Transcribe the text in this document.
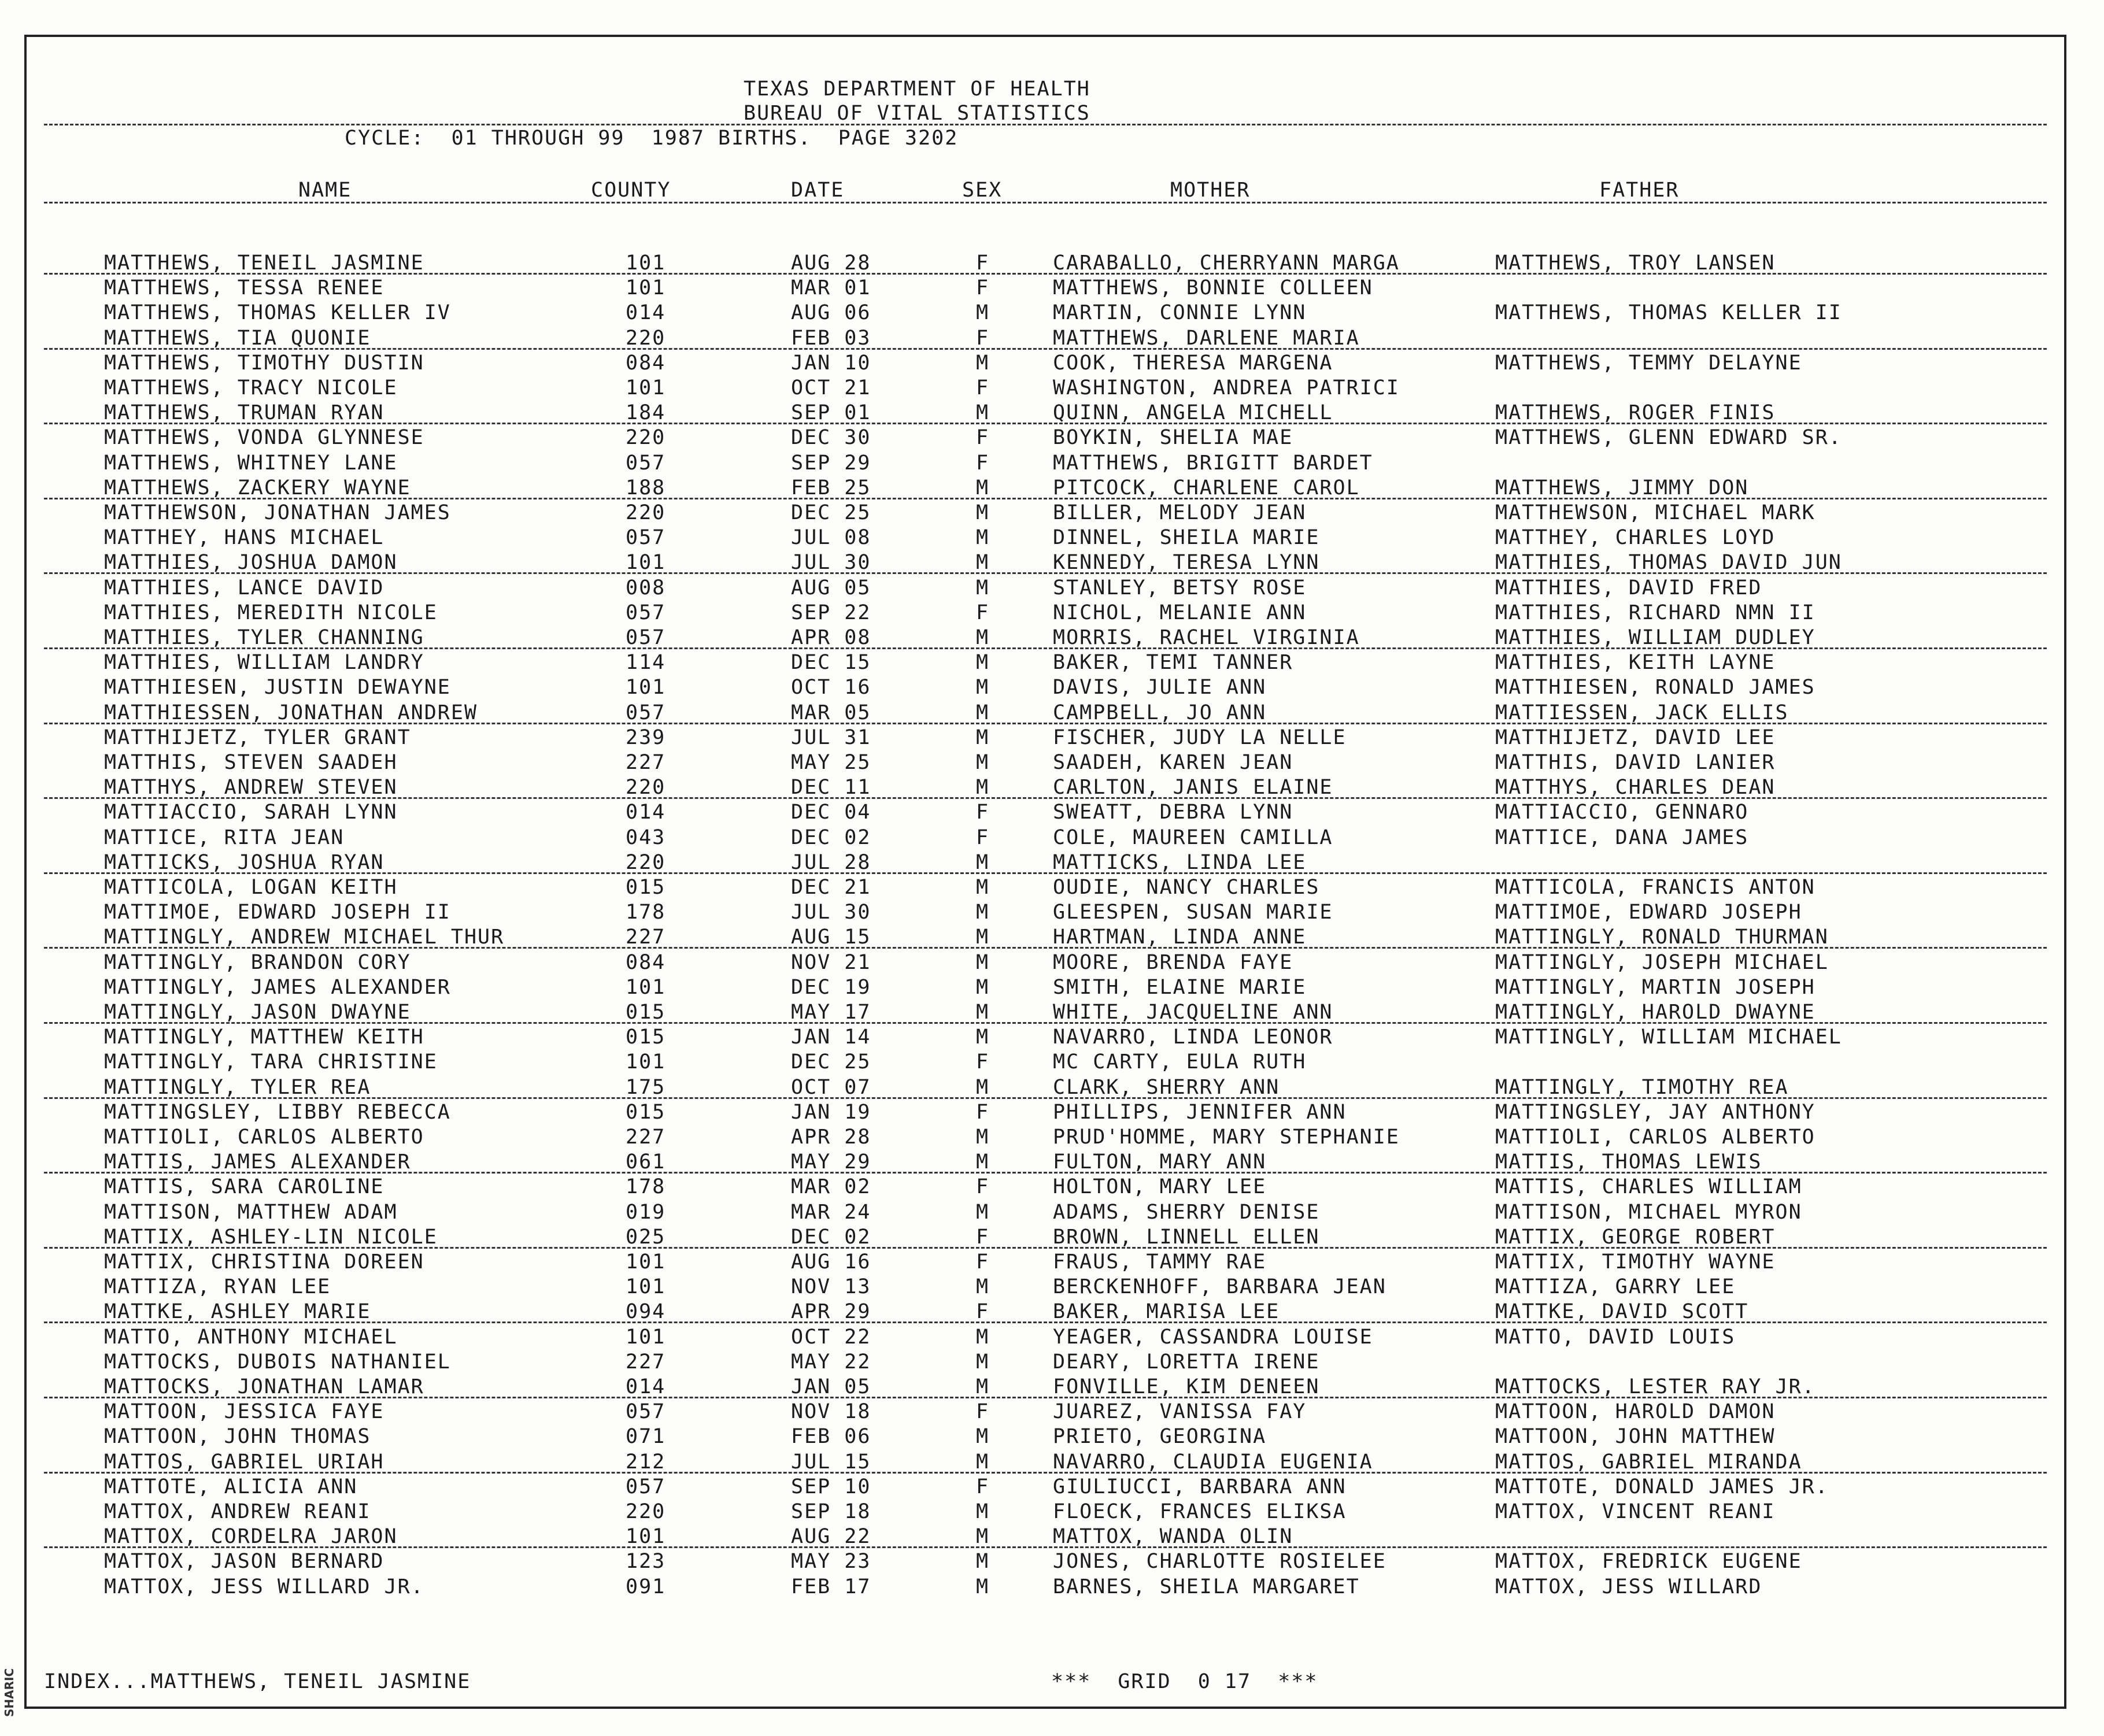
SHARIC
TEXAS DEPARTMENT OF HEALTH
BUREAU OF VITAL STATISTICS
CYCLE:  01 THROUGH 99  1987 BIRTHS.  PAGE 3202
NAME	COUNTY	DATE	SEX	MOTHER	FATHER
MATTHEWS, TENEIL JASMINE	101	AUG 28	F	CARABALLO, CHERRYANN MARGA	MATTHEWS, TROY LANSEN
MATTHEWS, TESSA RENEE	101	MAR 01	F	MATTHEWS, BONNIE COLLEEN
MATTHEWS, THOMAS KELLER IV	014	AUG 06	M	MARTIN, CONNIE LYNN	MATTHEWS, THOMAS KELLER II
MATTHEWS, TIA QUONIE	220	FEB 03	F	MATTHEWS, DARLENE MARIA
MATTHEWS, TIMOTHY DUSTIN	084	JAN 10	M	COOK, THERESA MARGENA	MATTHEWS, TEMMY DELAYNE
MATTHEWS, TRACY NICOLE	101	OCT 21	F	WASHINGTON, ANDREA PATRICI
MATTHEWS, TRUMAN RYAN	184	SEP 01	M	QUINN, ANGELA MICHELL	MATTHEWS, ROGER FINIS
MATTHEWS, VONDA GLYNNESE	220	DEC 30	F	BOYKIN, SHELIA MAE	MATTHEWS, GLENN EDWARD SR.
MATTHEWS, WHITNEY LANE	057	SEP 29	F	MATTHEWS, BRIGITT BARDET
MATTHEWS, ZACKERY WAYNE	188	FEB 25	M	PITCOCK, CHARLENE CAROL	MATTHEWS, JIMMY DON
MATTHEWSON, JONATHAN JAMES	220	DEC 25	M	BILLER, MELODY JEAN	MATTHEWSON, MICHAEL MARK
MATTHEY, HANS MICHAEL	057	JUL 08	M	DINNEL, SHEILA MARIE	MATTHEY, CHARLES LOYD
MATTHIES, JOSHUA DAMON	101	JUL 30	M	KENNEDY, TERESA LYNN	MATTHIES, THOMAS DAVID JUN
MATTHIES, LANCE DAVID	008	AUG 05	M	STANLEY, BETSY ROSE	MATTHIES, DAVID FRED
MATTHIES, MEREDITH NICOLE	057	SEP 22	F	NICHOL, MELANIE ANN	MATTHIES, RICHARD NMN II
MATTHIES, TYLER CHANNING	057	APR 08	M	MORRIS, RACHEL VIRGINIA	MATTHIES, WILLIAM DUDLEY
MATTHIES, WILLIAM LANDRY	114	DEC 15	M	BAKER, TEMI TANNER	MATTHIES, KEITH LAYNE
MATTHIESEN, JUSTIN DEWAYNE	101	OCT 16	M	DAVIS, JULIE ANN	MATTHIESEN, RONALD JAMES
MATTHIESSEN, JONATHAN ANDREW	057	MAR 05	M	CAMPBELL, JO ANN	MATTIESSEN, JACK ELLIS
MATTHIJETZ, TYLER GRANT	239	JUL 31	M	FISCHER, JUDY LA NELLE	MATTHIJETZ, DAVID LEE
MATTHIS, STEVEN SAADEH	227	MAY 25	M	SAADEH, KAREN JEAN	MATTHIS, DAVID LANIER
MATTHYS, ANDREW STEVEN	220	DEC 11	M	CARLTON, JANIS ELAINE	MATTHYS, CHARLES DEAN
MATTIACCIO, SARAH LYNN	014	DEC 04	F	SWEATT, DEBRA LYNN	MATTIACCIO, GENNARO
MATTICE, RITA JEAN	043	DEC 02	F	COLE, MAUREEN CAMILLA	MATTICE, DANA JAMES
MATTICKS, JOSHUA RYAN	220	JUL 28	M	MATTICKS, LINDA LEE
MATTICOLA, LOGAN KEITH	015	DEC 21	M	OUDIE, NANCY CHARLES	MATTICOLA, FRANCIS ANTON
MATTIMOE, EDWARD JOSEPH II	178	JUL 30	M	GLEESPEN, SUSAN MARIE	MATTIMOE, EDWARD JOSEPH
MATTINGLY, ANDREW MICHAEL THUR	227	AUG 15	M	HARTMAN, LINDA ANNE	MATTINGLY, RONALD THURMAN
MATTINGLY, BRANDON CORY	084	NOV 21	M	MOORE, BRENDA FAYE	MATTINGLY, JOSEPH MICHAEL
MATTINGLY, JAMES ALEXANDER	101	DEC 19	M	SMITH, ELAINE MARIE	MATTINGLY, MARTIN JOSEPH
MATTINGLY, JASON DWAYNE	015	MAY 17	M	WHITE, JACQUELINE ANN	MATTINGLY, HAROLD DWAYNE
MATTINGLY, MATTHEW KEITH	015	JAN 14	M	NAVARRO, LINDA LEONOR	MATTINGLY, WILLIAM MICHAEL
MATTINGLY, TARA CHRISTINE	101	DEC 25	F	MC CARTY, EULA RUTH
MATTINGLY, TYLER REA	175	OCT 07	M	CLARK, SHERRY ANN	MATTINGLY, TIMOTHY REA
MATTINGSLEY, LIBBY REBECCA	015	JAN 19	F	PHILLIPS, JENNIFER ANN	MATTINGSLEY, JAY ANTHONY
MATTIOLI, CARLOS ALBERTO	227	APR 28	M	PRUD'HOMME, MARY STEPHANIE	MATTIOLI, CARLOS ALBERTO
MATTIS, JAMES ALEXANDER	061	MAY 29	M	FULTON, MARY ANN	MATTIS, THOMAS LEWIS
MATTIS, SARA CAROLINE	178	MAR 02	F	HOLTON, MARY LEE	MATTIS, CHARLES WILLIAM
MATTISON, MATTHEW ADAM	019	MAR 24	M	ADAMS, SHERRY DENISE	MATTISON, MICHAEL MYRON
MATTIX, ASHLEY-LIN NICOLE	025	DEC 02	F	BROWN, LINNELL ELLEN	MATTIX, GEORGE ROBERT
MATTIX, CHRISTINA DOREEN	101	AUG 16	F	FRAUS, TAMMY RAE	MATTIX, TIMOTHY WAYNE
MATTIZA, RYAN LEE	101	NOV 13	M	BERCKENHOFF, BARBARA JEAN	MATTIZA, GARRY LEE
MATTKE, ASHLEY MARIE	094	APR 29	F	BAKER, MARISA LEE	MATTKE, DAVID SCOTT
MATTO, ANTHONY MICHAEL	101	OCT 22	M	YEAGER, CASSANDRA LOUISE	MATTO, DAVID LOUIS
MATTOCKS, DUBOIS NATHANIEL	227	MAY 22	M	DEARY, LORETTA IRENE
MATTOCKS, JONATHAN LAMAR	014	JAN 05	M	FONVILLE, KIM DENEEN	MATTOCKS, LESTER RAY JR.
MATTOON, JESSICA FAYE	057	NOV 18	F	JUAREZ, VANISSA FAY	MATTOON, HAROLD DAMON
MATTOON, JOHN THOMAS	071	FEB 06	M	PRIETO, GEORGINA	MATTOON, JOHN MATTHEW
MATTOS, GABRIEL URIAH	212	JUL 15	M	NAVARRO, CLAUDIA EUGENIA	MATTOS, GABRIEL MIRANDA
MATTOTE, ALICIA ANN	057	SEP 10	F	GIULIUCCI, BARBARA ANN	MATTOTE, DONALD JAMES JR.
MATTOX, ANDREW REANI	220	SEP 18	M	FLOECK, FRANCES ELIKSA	MATTOX, VINCENT REANI
MATTOX, CORDELRA JARON	101	AUG 22	M	MATTOX, WANDA OLIN
MATTOX, JASON BERNARD	123	MAY 23	M	JONES, CHARLOTTE ROSIELEE	MATTOX, FREDRICK EUGENE
MATTOX, JESS WILLARD JR.	091	FEB 17	M	BARNES, SHEILA MARGARET	MATTOX, JESS WILLARD
INDEX...MATTHEWS, TENEIL JASMINE	***  GRID  0 17  ***
